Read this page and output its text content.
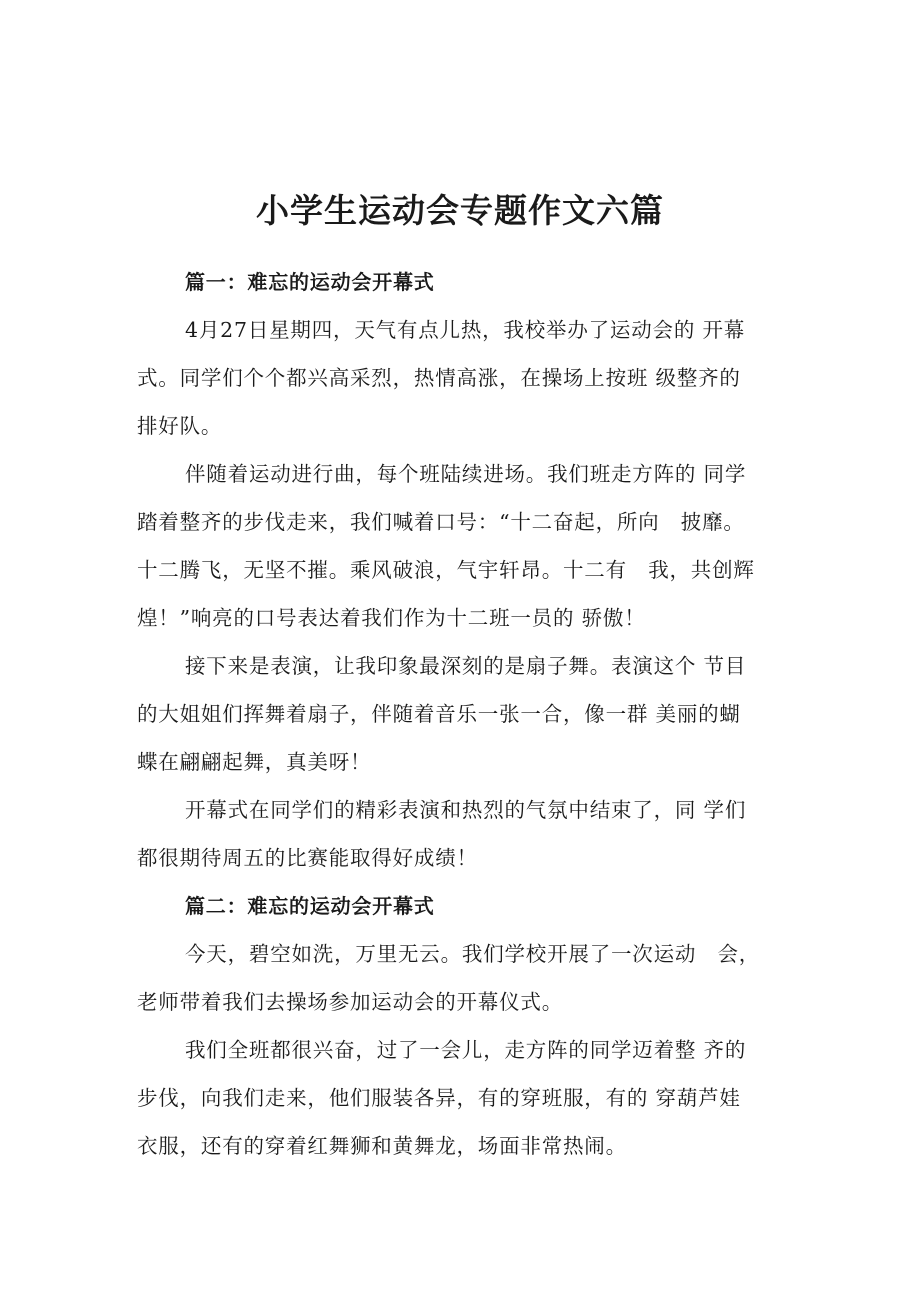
小学生运动会专题作文六篇
篇一：难忘的运动会开幕式

4月27日星期四，天气有点儿热，我校举办了运动会的 开幕
式。同学们个个都兴高采烈，热情高涨，在操场上按班 级整齐的
排好队。

伴随着运动进行曲，每个班陆续进场。我们班走方阵的 同学
踏着整齐的步伐走来，我们喊着口号：“十二奋起，所向　披靡。
十二腾飞，无坚不摧。乘风破浪，气宇轩昂。十二有　我，共创辉
煌！”响亮的口号表达着我们作为十二班一员的 骄傲！

接下来是表演，让我印象最深刻的是扇子舞。表演这个 节目
的大姐姐们挥舞着扇子，伴随着音乐一张一合，像一群 美丽的蝴
蝶在翩翩起舞，真美呀！

开幕式在同学们的精彩表演和热烈的气氛中结束了，同 学们
都很期待周五的比赛能取得好成绩！

篇二：难忘的运动会开幕式

今天，碧空如洗，万里无云。我们学校开展了一次运动　会，
老师带着我们去操场参加运动会的开幕仪式。

我们全班都很兴奋，过了一会儿，走方阵的同学迈着整 齐的
步伐，向我们走来，他们服装各异，有的穿班服，有的 穿葫芦娃
衣服，还有的穿着红舞狮和黄舞龙，场面非常热闹。
